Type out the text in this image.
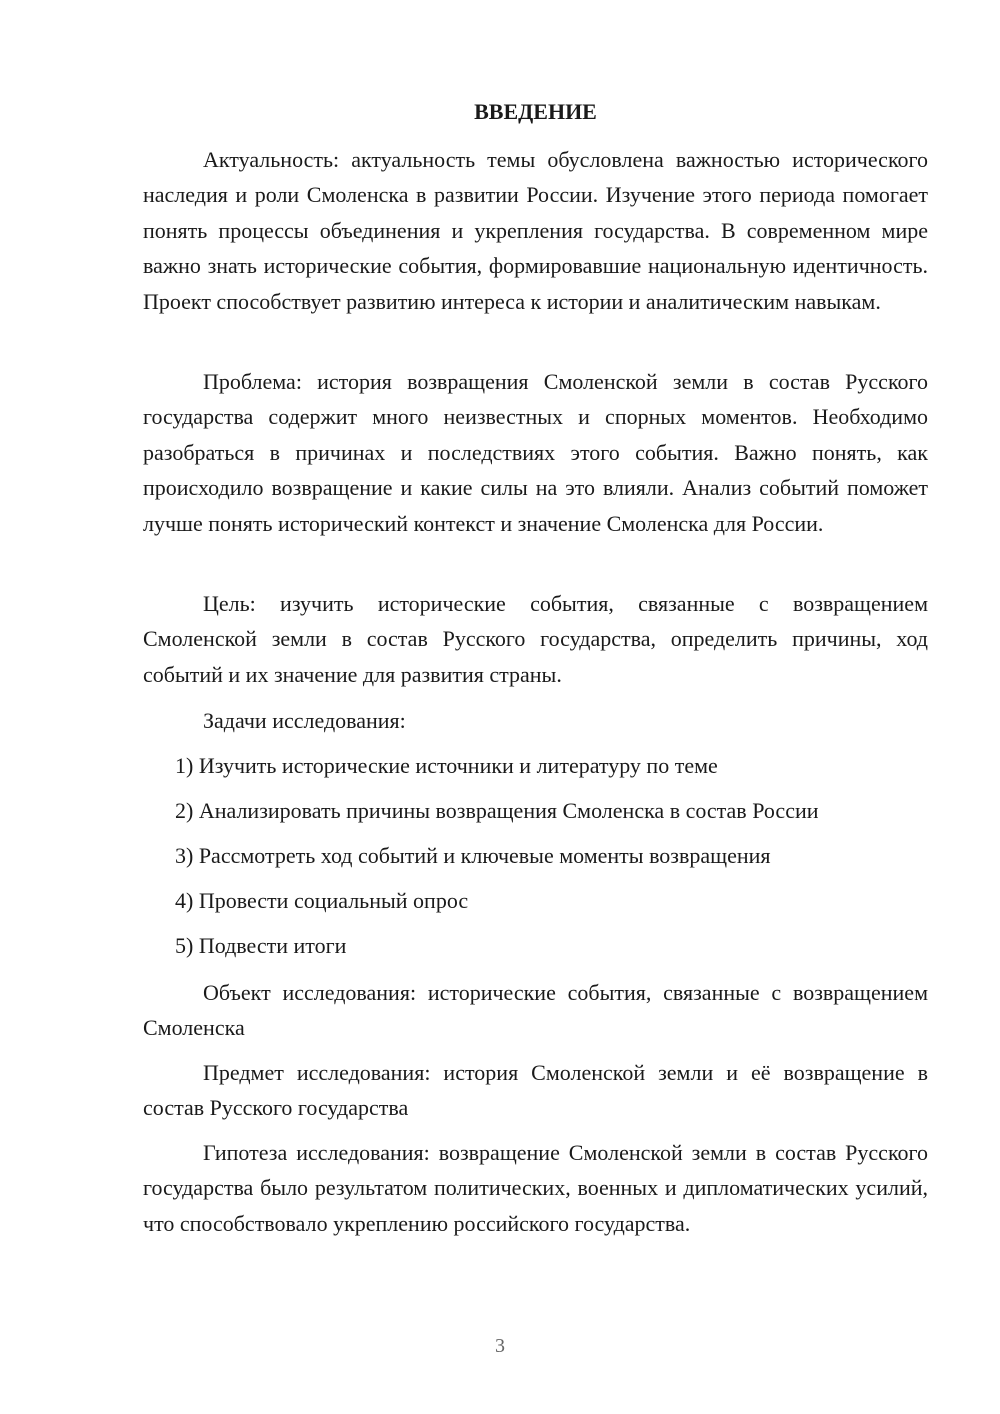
ВВЕДЕНИЕ

Актуальность: актуальность темы обусловлена важностью исторического наследия и роли Смоленска в развитии России. Изучение этого периода помогает понять процессы объединения и укрепления государства. В современном мире важно знать исторические события, формировавшие национальную идентичность. Проект способствует развитию интереса к истории и аналитическим навыкам.

Проблема: история возвращения Смоленской земли в состав Русского государства содержит много неизвестных и спорных моментов. Необходимо разобраться в причинах и последствиях этого события. Важно понять, как происходило возвращение и какие силы на это влияли. Анализ событий поможет лучше понять исторический контекст и значение Смоленска для России.

Цель: изучить исторические события, связанные с возвращением Смоленской земли в состав Русского государства, определить причины, ход событий и их значение для развития страны.

Задачи исследования:

1) Изучить исторические источники и литературу по теме

2) Анализировать причины возвращения Смоленска в состав России

3) Рассмотреть ход событий и ключевые моменты возвращения

4) Провести социальный опрос

5) Подвести итоги

Объект исследования: исторические события, связанные с возвращением Смоленска

Предмет исследования: история Смоленской земли и её возвращение в состав Русского государства

Гипотеза исследования: возвращение Смоленской земли в состав Русского государства было результатом политических, военных и дипломатических усилий, что способствовало укреплению российского государства.

3
